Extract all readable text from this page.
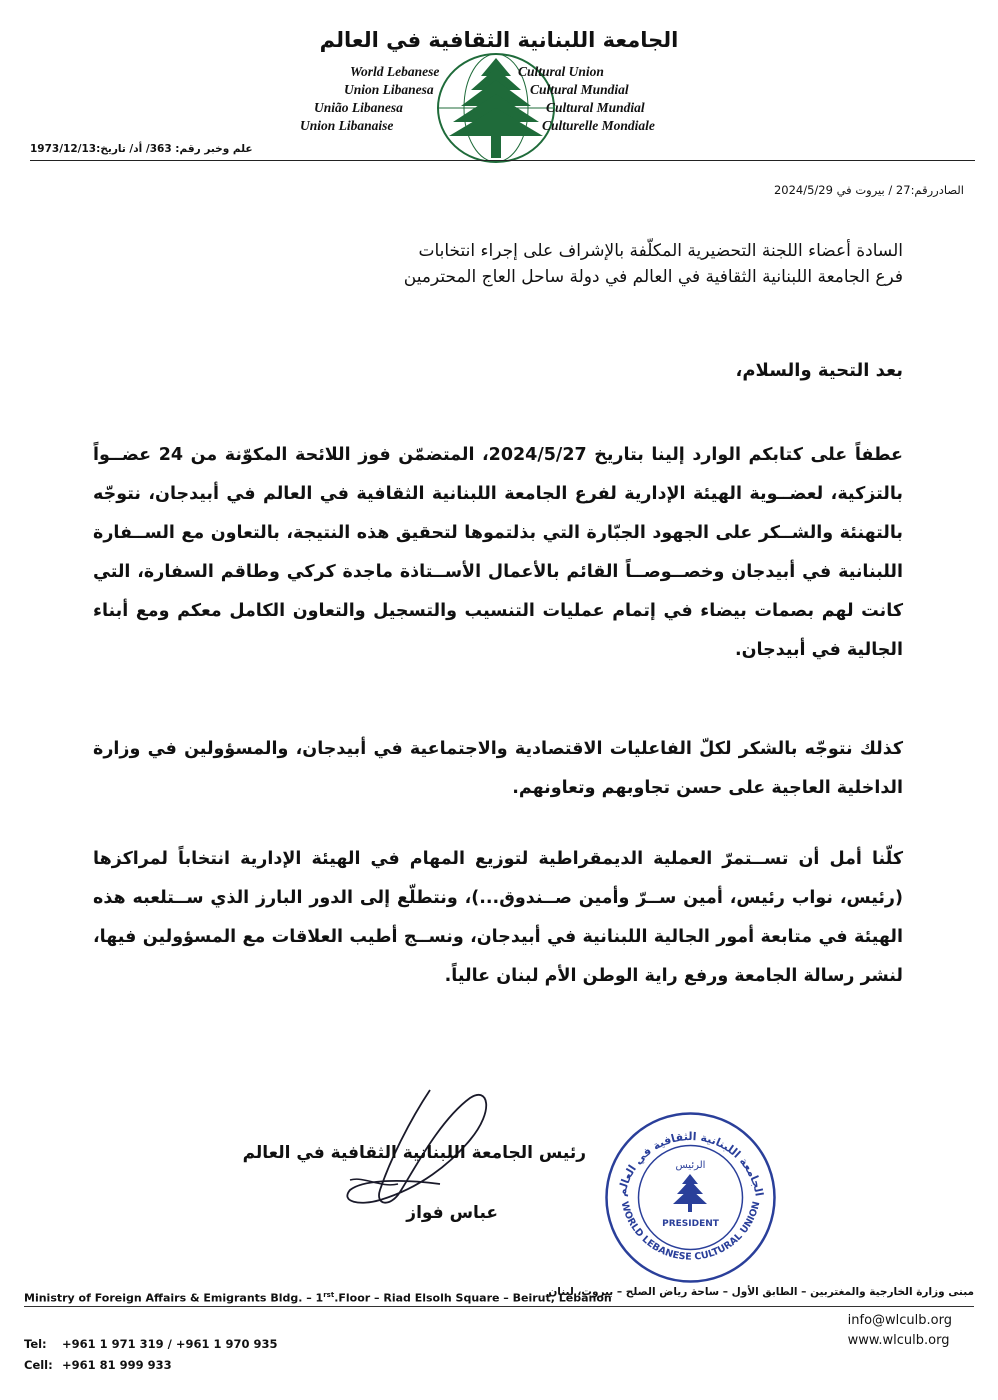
الجامعة اللبنانية الثقافية في العالم
World Lebanese
Union Libanesa
União Libanesa
Union Libanaise
Cultural Union
Cultural Mundial
Cultural Mundial
Culturelle Mondiale
علم وخبر رقم: 363/ أد/ تاريخ:1973/12/13
الصادررقم:27 / بيروت في 2024/5/29
السادة أعضاء اللجنة التحضيرية المكلّفة بالإشراف على إجراء انتخابات
فرع الجامعة اللبنانية الثقافية في العالم في دولة ساحل العاج المحترمين
بعد التحية والسلام،
عطفاً على كتابكم الوارد إلينا بتاريخ 2024/5/27، المتضمّن فوز اللائحة المكوّنة من 24 عضــواً بالتزكية، لعضــوية الهيئة الإدارية لفرع الجامعة اللبنانية الثقافية في العالم في أبيدجان، نتوجّه بالتهنئة والشــكر على الجهود الجبّارة التي بذلتموها لتحقيق هذه النتيجة، بالتعاون مع الســفارة اللبنانية في أبيدجان وخصــوصــاً القائم بالأعمال الأســتاذة ماجدة كركي وطاقم السفارة، التي كانت لهم بصمات بيضاء في إتمام عمليات التنسيب والتسجيل والتعاون الكامل معكم ومع أبناء الجالية في أبيدجان.
كذلك نتوجّه بالشكر لكلّ الفاعليات الاقتصادية والاجتماعية في أبيدجان، والمسؤولين في وزارة الداخلية العاجية على حسن تجاوبهم وتعاونهم.
كلّنا أمل أن تســتمرّ العملية الديمقراطية لتوزيع المهام في الهيئة الإدارية انتخاباً لمراكزها (رئيس، نواب رئيس، أمين ســرّ وأمين صــندوق...)، ونتطلّع إلى الدور البارز الذي ســتلعبه هذه الهيئة في متابعة أمور الجالية اللبنانية في أبيدجان، ونســج أطيب العلاقات مع المسؤولين فيها، لنشر رسالة الجامعة ورفع راية الوطن الأم لبنان عالياً.
رئيس الجامعة اللبنانية الثقافية في العالم
عباس فواز
الجامعة اللبنانية الثقافية في العالم
WORLD LEBANESE CULTURAL UNION
الرئيس
PRESIDENT
مبنى وزارة الخارجية والمغتربين – الطابق الأول – ساحة رياض الصلح – بيروت، لبنان
Ministry of Foreign Affairs & Emigrants Bldg. – $1^{rst}.Floor$ – Riad Elsolh Square – Beirut, Lebanon
Tel: +961 1 971 319 / +961 1 970 935
Cell: +961 81 999 933
info@wlculb.org
www.wlculb.org
